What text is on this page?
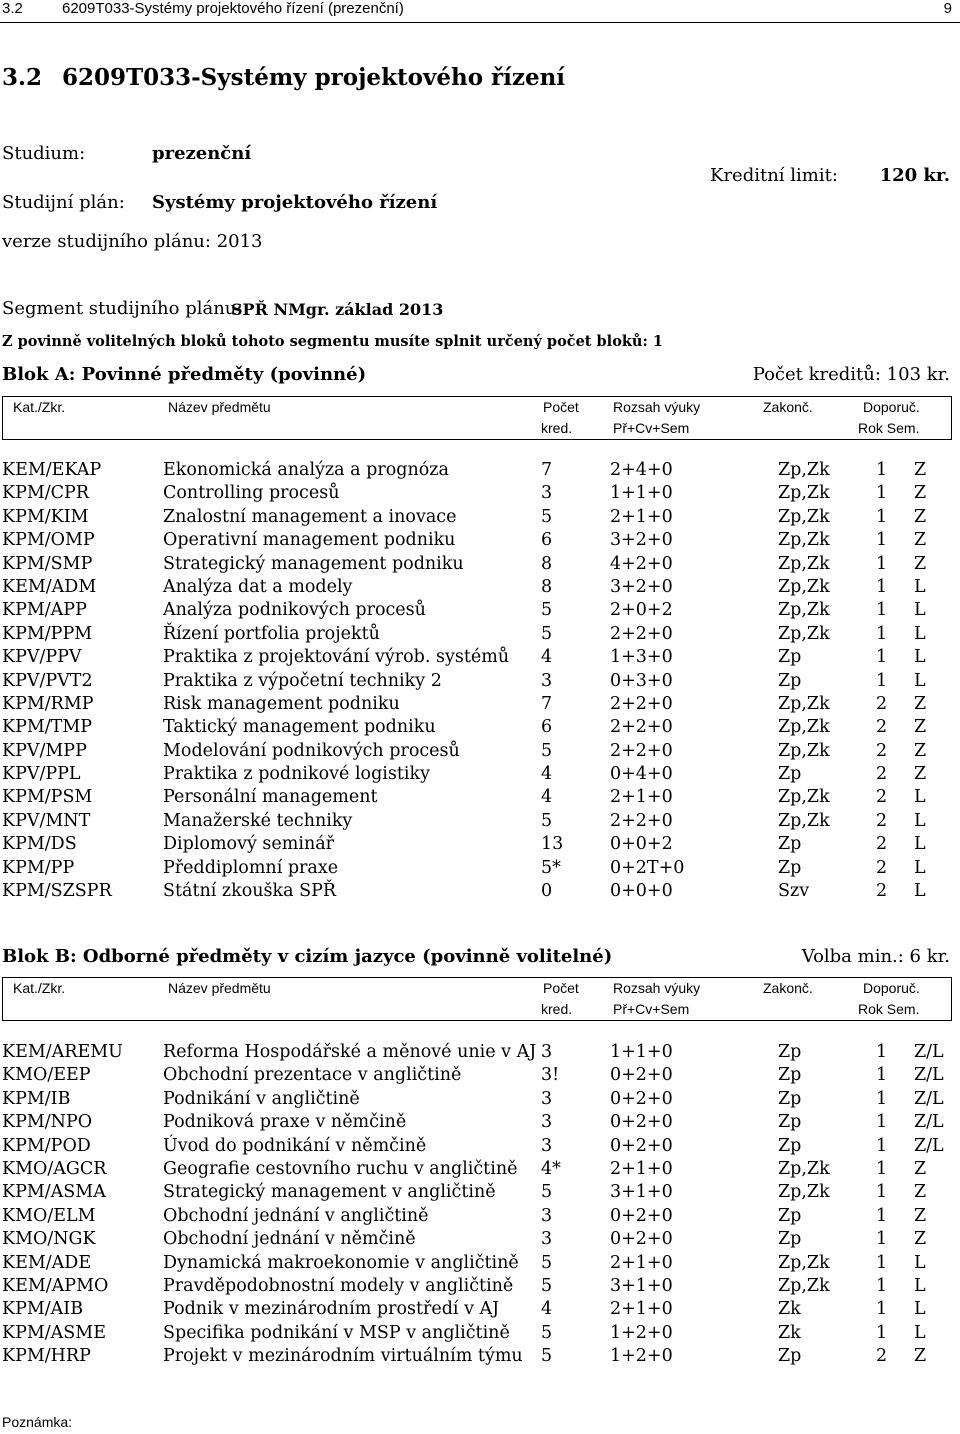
3.2	6209T033-Systémy projektového řízení (prezenční)	9
3.2 6209T033-Systémy projektového řízení
Studium:	prezenční
Studijní plán: Systémy projektového řízení
Kreditní limit: 120 kr.
verze studijního plánu: 2013
Segment studijního plánu:
SPŘ NMgr. základ 2013
Z povinně volitelných bloků tohoto segmentu musíte splnit určený počet bloků: 1
Blok A: Povinné předměty (povinné)	Počet kreditů: 103 kr.
Kat./Zkr.	Název předmětu	Počet
kred.
Rozsah výuky
Př+Cv+Sem
Zakonč.	Doporuč.
Rok Sem.
KEM/EKAP	Ekonomická analýza a prognóza	7	2+4+0	Zp,Zk	1 Z
KPM/CPR	Controlling procesů	3	1+1+0	Zp,Zk	1 Z
KPM/KIM	Znalostní management a inovace	5	2+1+0	Zp,Zk	1 Z
KPM/OMP	Operativní management podniku	6	3+2+0	Zp,Zk	1 Z
KPM/SMP	Strategický management podniku	8	4+2+0	Zp,Zk	1 Z
KEM/ADM	Analýza dat a modely	8	3+2+0	Zp,Zk	1 L
KPM/APP	Analýza podnikových procesů	5	2+0+2	Zp,Zk	1 L
KPM/PPM	Řízení portfolia projektů	5	2+2+0	Zp,Zk	1 L
KPV/PPV	Praktika z projektování výrob. systémů 4	1+3+0	Zp	1 L
KPV/PVT2	Praktika z výpočetní techniky 2	3	0+3+0	Zp	1 L
KPM/RMP	Risk management podniku	7	2+2+0	Zp,Zk	2 Z
KPM/TMP	Taktický management podniku	6	2+2+0	Zp,Zk	2 Z
KPV/MPP	Modelování podnikových procesů	5	2+2+0	Zp,Zk	2 Z
KPV/PPL	Praktika z podnikové logistiky	4	0+4+0	Zp	2 Z
KPM/PSM	Personální management	4	2+1+0	Zp,Zk	2 L
KPV/MNT	Manažerské techniky	5	2+2+0	Zp,Zk	2 L
KPM/DS	Diplomový seminář	13	0+0+2	Zp	2 L
KPM/PP	Předdiplomní praxe	5*	0+2T+0	Zp	2 L
KPM/SZSPR	Státní zkouška SPŘ	0	0+0+0	Szv	2 L
Blok B: Odborné předměty v cizím jazyce (povinně volitelné)	Volba min.: 6 kr.
Kat./Zkr.	Název předmětu	Počet
kred.
Rozsah výuky
Př+Cv+Sem
Zakonč.	Doporuč.
Rok Sem.
KEM/AREMU Reforma Hospodářské a měnové unie v AJ 3	1+1+0	Zp	1 Z/L
KMO/EEP	Obchodní prezentace v angličtině	3!	0+2+0	Zp	1 Z/L
KPM/IB	Podnikání v angličtině	3	0+2+0	Zp	1 Z/L
KPM/NPO	Podniková praxe v němčině	3	0+2+0	Zp	1 Z/L
KPM/POD	Úvod do podnikání v němčině	3	0+2+0	Zp	1 Z/L
KMO/AGCR	Geografie cestovního ruchu v angličtině 4*	2+1+0	Zp,Zk	1 Z
KPM/ASMA	Strategický management v angličtině	5	3+1+0	Zp,Zk	1 Z
KMO/ELM	Obchodní jednání v angličtině	3	0+2+0	Zp	1 Z
KMO/NGK	Obchodní jednání v němčině	3	0+2+0	Zp	1 Z
KEM/ADE	Dynamická makroekonomie v angličtině 5	2+1+0	Zp,Zk	1 L
KEM/APMO	Pravděpodobnostní modely v angličtině 5	3+1+0	Zp,Zk	1 L
KPM/AIB	Podnik v mezinárodním prostředí v AJ 4	2+1+0	Zk	1 L
KPM/ASME	Specifika podnikání v MSP v angličtině 5	1+2+0	Zk	1 L
KPM/HRP	Projekt v mezinárodním virtuálním týmu 5	1+2+0	Zp	2 Z
Poznámka:
